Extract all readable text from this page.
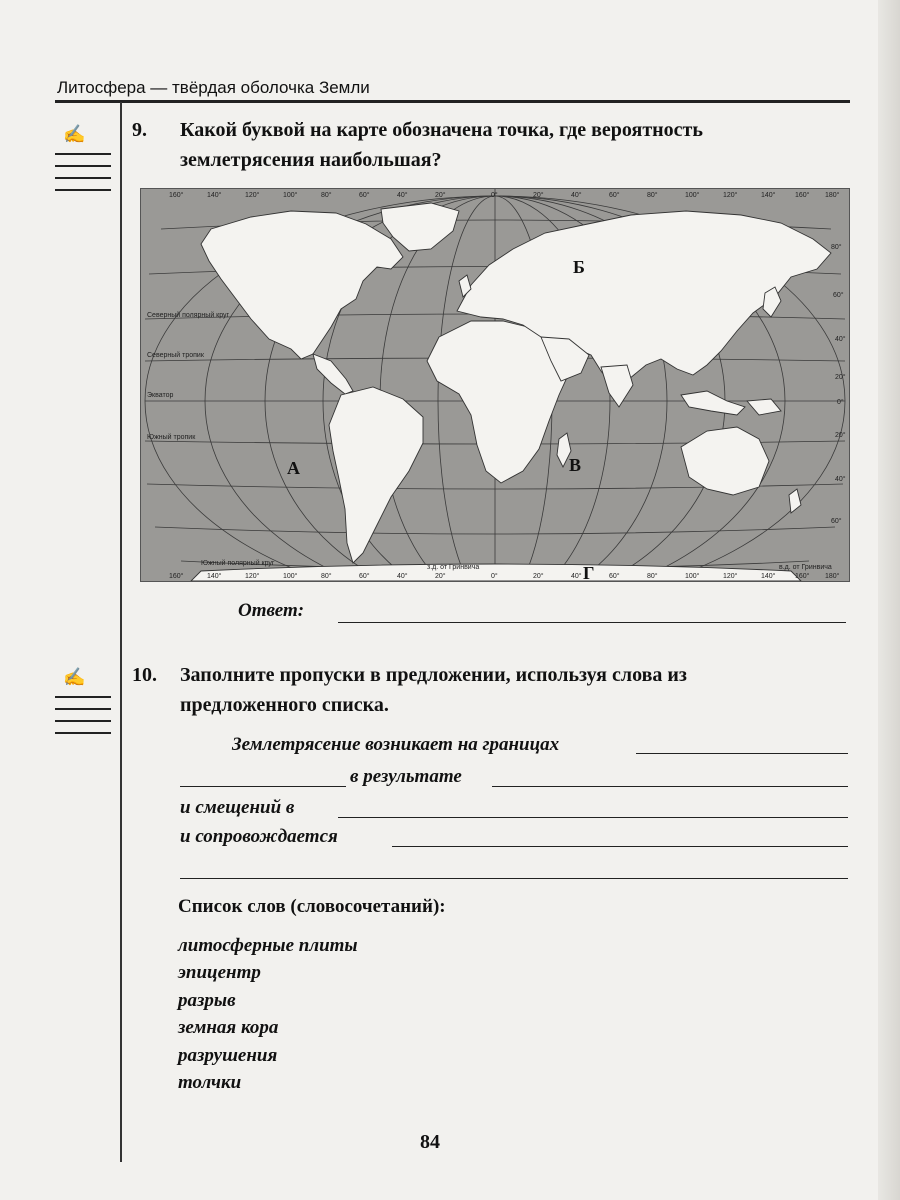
Литосфера — твёрдая оболочка Земли
✍
✍
9. Какой буквой на карте обозначена точка, где вероятность
землетрясения наибольшая?
160°	140°	120°	100°	80°	60°	40°	20°	0°	20°	40°	60°	80°	100°	120°	140°	160° 180°
160°	140°	120°	100°	80°	60°	40°	20°	0°	20°	40°	60°	80°	100°	120°	140°	160° 180°
80°
60°
40°
20°
0°
20°
40°
60°
Северный полярный круг
Северный тропик
Экватор
Южный тропик
Южный полярный круг
з.д. от Гринвича	в.д. от Гринвича
А
Б
В
Г
Ответ:
10. Заполните пропуски в предложении, используя слова из
предложенного списка.
Землетрясение возникает на границах
в результате
и смещений в
и сопровождается
Список слов (словосочетаний):
литосферные плиты
эпицентр
разрыв
земная кора
разрушения
толчки
84
